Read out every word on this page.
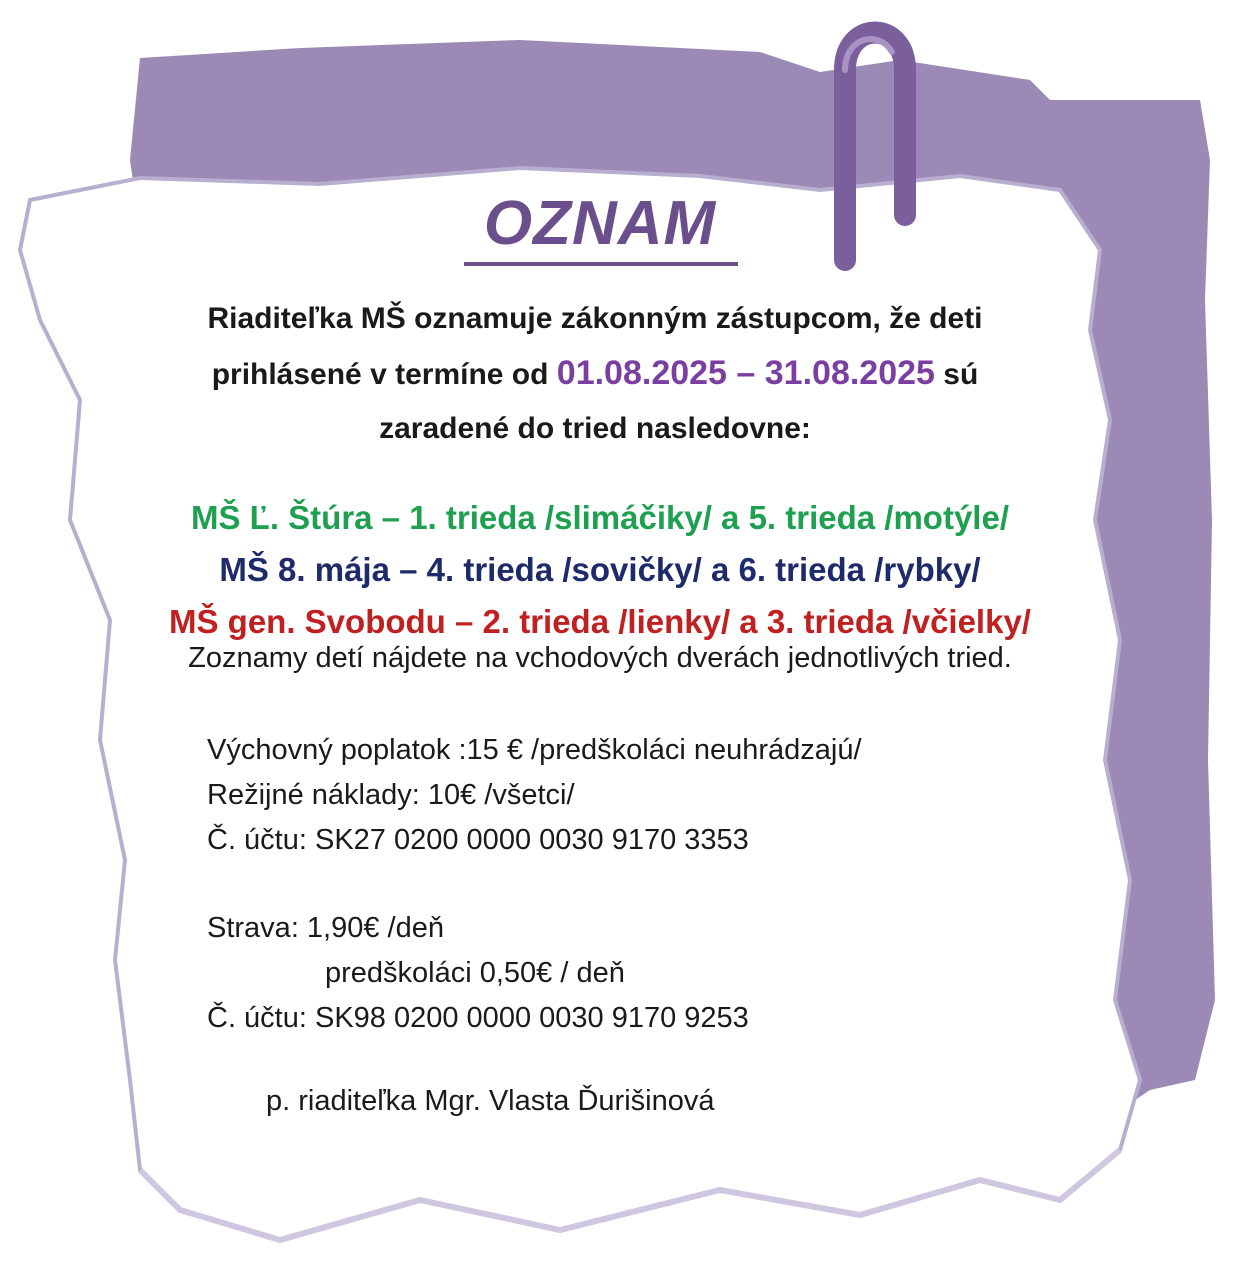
OZNAM
Riaditeľka MŠ oznamuje zákonným zástupcom, že deti
prihlásené v termíne od 01.08.2025 – 31.08.2025 sú
zaradené do tried nasledovne:
MŠ Ľ. Štúra – 1. trieda /slimáčiky/ a 5. trieda /motýle/
MŠ 8. mája – 4. trieda /sovičky/ a 6. trieda /rybky/
MŠ gen. Svobodu – 2. trieda /lienky/ a 3. trieda /včielky/
Zoznamy detí nájdete na vchodových dverách jednotlivých tried.
Výchovný poplatok :15 € /predškoláci neuhrádzajú/
Režijné náklady: 10€ /všetci/
Č. účtu: SK27 0200 0000 0030 9170 3353
Strava: 1,90€ /deň
predškoláci 0,50€ / deň
Č. účtu: SK98 0200 0000 0030 9170 9253
p. riaditeľka Mgr. Vlasta Ďurišinová
